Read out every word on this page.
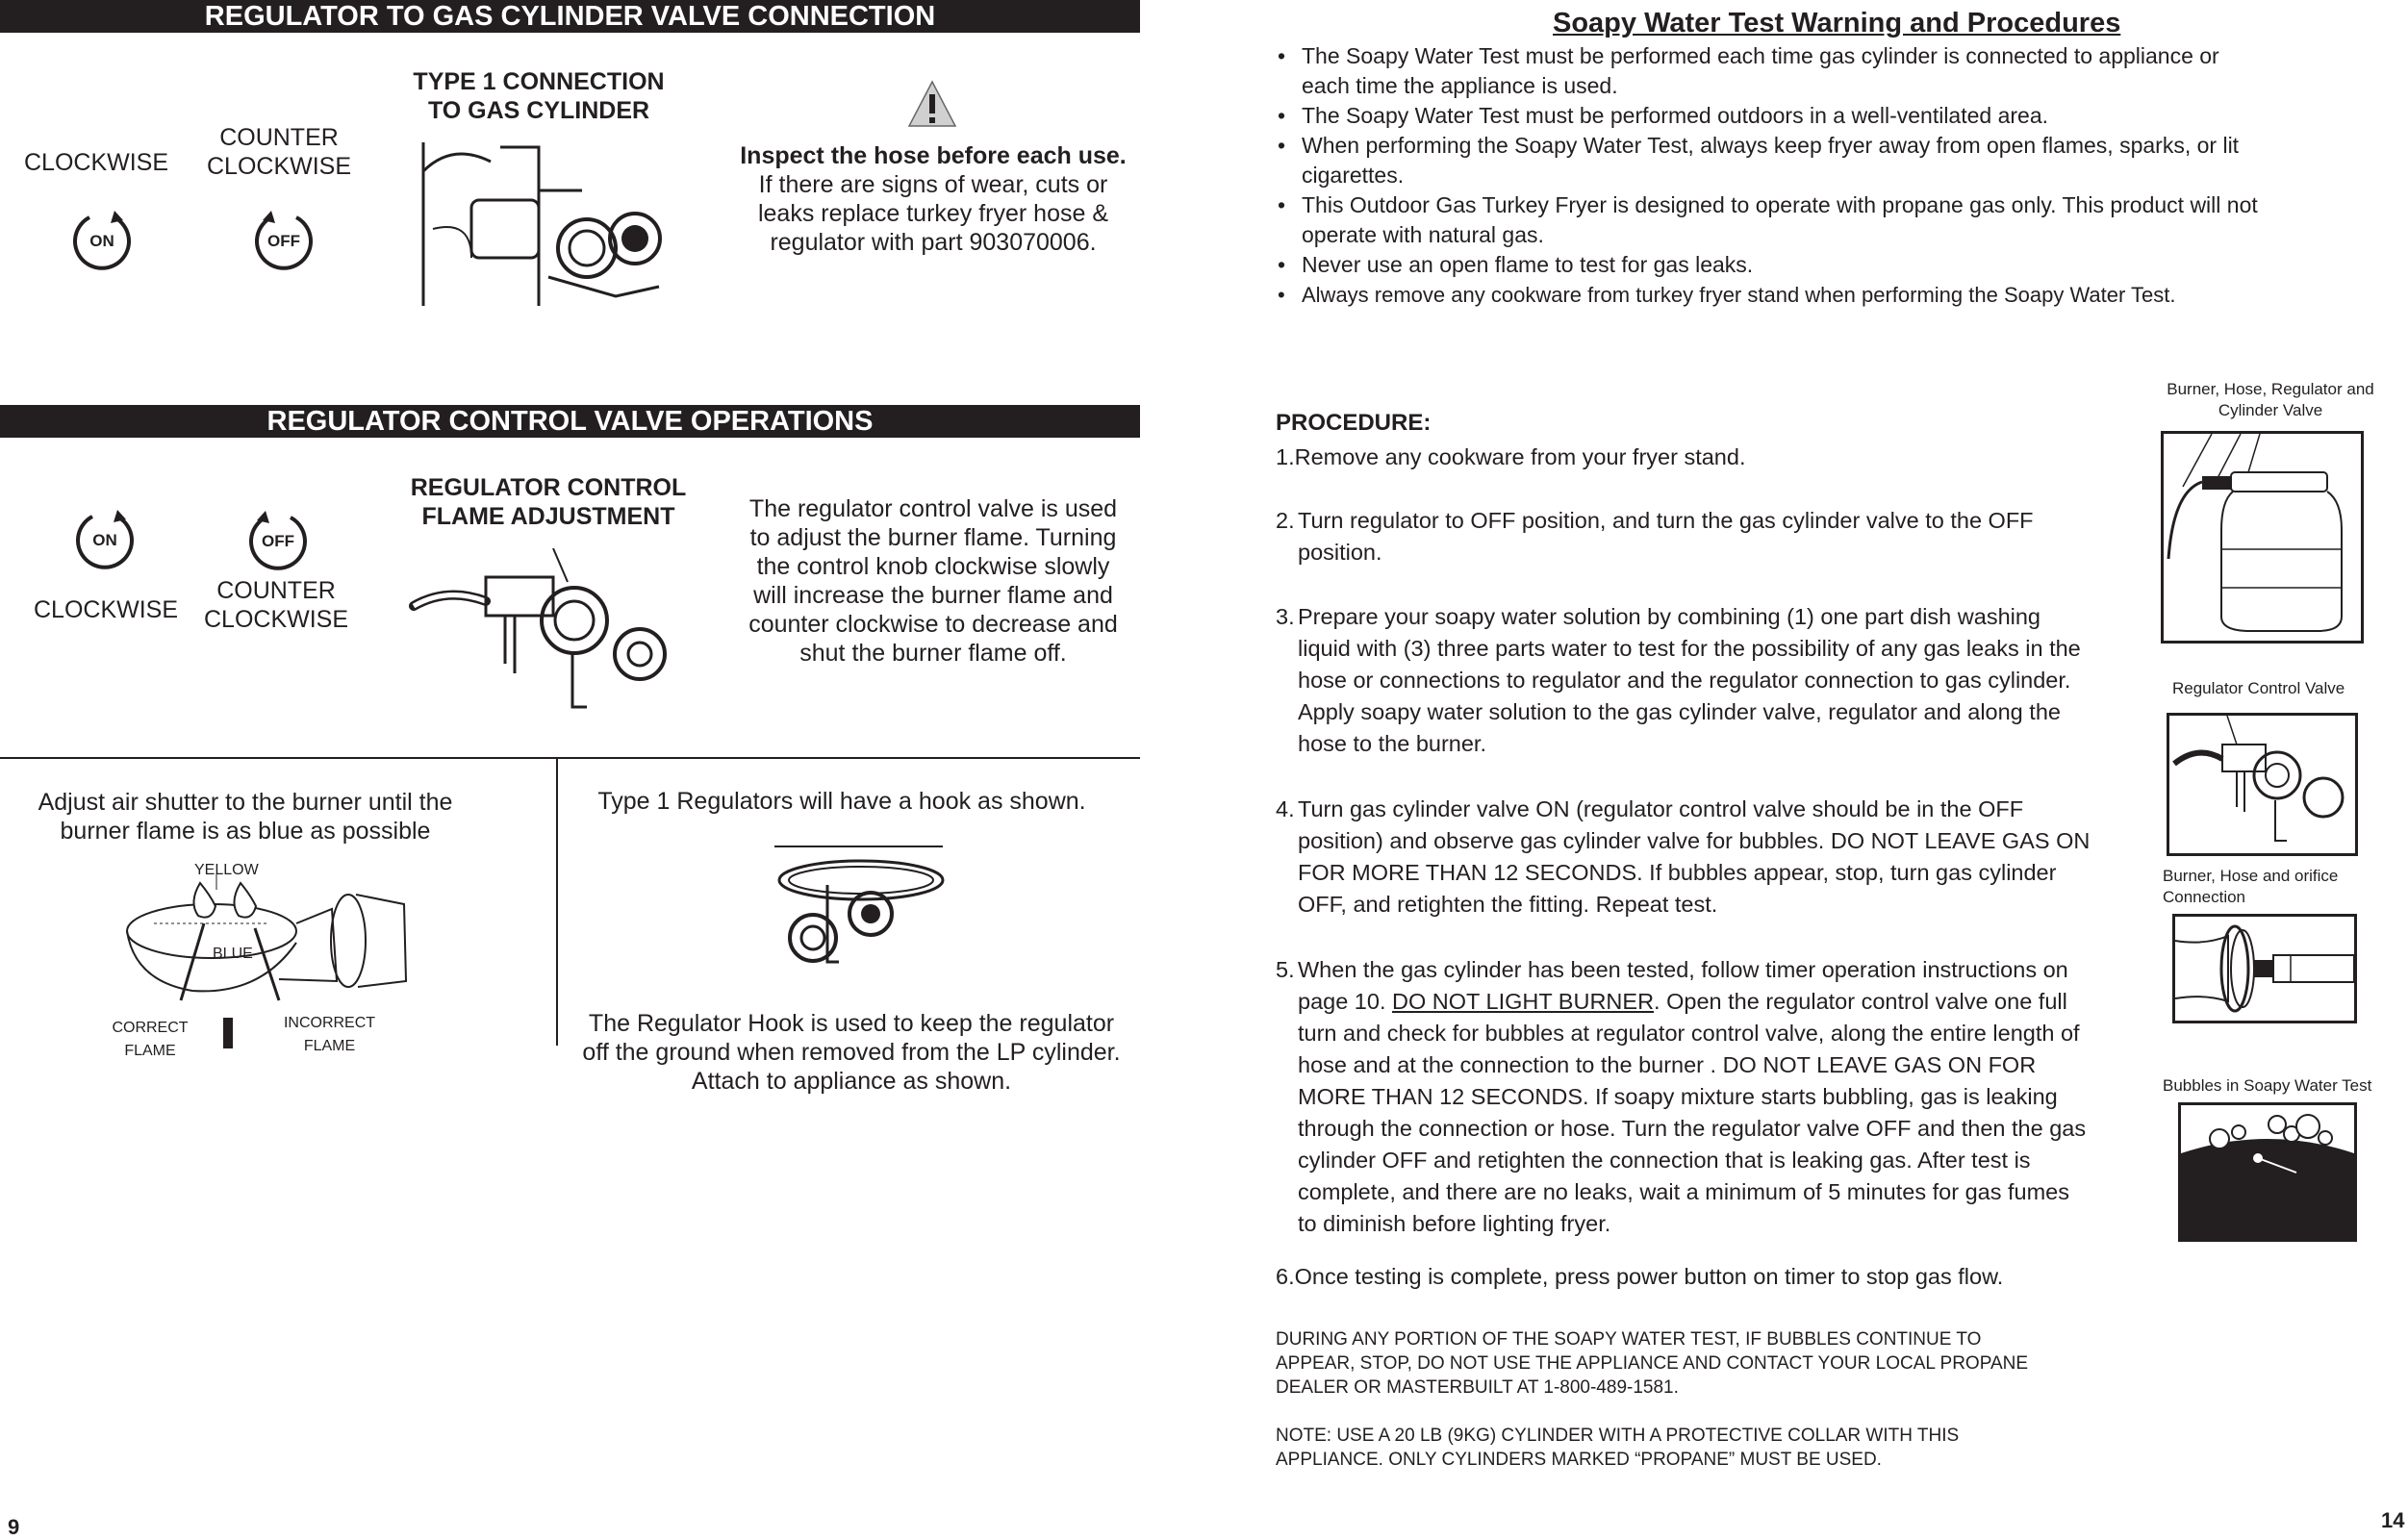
REGULATOR TO GAS CYLINDER VALVE CONNECTION
CLOCKWISE
COUNTER
CLOCKWISE
ON	OFF
TYPE 1 CONNECTION
TO GAS CYLINDER
Inspect the hose before each use.
If there are signs of wear, cuts or
leaks replace turkey fryer hose &
regulator with part 903070006.
REGULATOR CONTROL VALVE OPERATIONS
ON	OFF
CLOCKWISE
COUNTER
CLOCKWISE
REGULATOR CONTROL
FLAME ADJUSTMENT	The regulator control valve is used
to adjust the burner flame. Turning
the control knob clockwise slowly
will increase the burner flame and
counter clockwise to decrease and
shut the burner flame off.
Adjust air shutter to the burner until the
burner flame is as blue as possible
YELLOW
BLUE
CORRECT
FLAME
INCORRECT
FLAME
Type 1 Regulators will have a hook as shown.
The Regulator Hook is used to keep the regulator
off the ground when removed from the LP cylinder.
Attach to appliance as shown.
9
Soapy Water Test Warning and Procedures
• The Soapy Water Test must be performed each time gas cylinder is connected to appliance or
each time the appliance is used.
• The Soapy Water Test must be performed outdoors in a well-ventilated area.
• When performing the Soapy Water Test, always keep fryer away from open flames, sparks, or lit
cigarettes.
• This Outdoor Gas Turkey Fryer is designed to operate with propane gas only. This product will not
operate with natural gas.
• Never use an open flame to test for gas leaks.
• Always remove any cookware from turkey fryer stand when performing the Soapy Water Test.
PROCEDURE:
1.Remove any cookware from your fryer stand.
2. Turn regulator to OFF position, and turn the gas cylinder valve to the OFF
position.
3. Prepare your soapy water solution by combining (1) one part dish washing
liquid with (3) three parts water to test for the possibility of any gas leaks in the
hose or connections to regulator and the regulator connection to gas cylinder.
Apply soapy water solution to the gas cylinder valve, regulator and along the
hose to the burner.
4. Turn gas cylinder valve ON (regulator control valve should be in the OFF
position) and observe gas cylinder valve for bubbles. DO NOT LEAVE GAS ON
FOR MORE THAN 12 SECONDS. If bubbles appear, stop, turn gas cylinder
OFF, and retighten the fitting. Repeat test.
5. When the gas cylinder has been tested, follow timer operation instructions on
page 10. DO NOT LIGHT BURNER. Open the regulator control valve one full
turn and check for bubbles at regulator control valve, along the entire length of
hose and at the connection to the burner . DO NOT LEAVE GAS ON FOR
MORE THAN 12 SECONDS. If soapy mixture starts bubbling, gas is leaking
through the connection or hose. Turn the regulator valve OFF and then the gas
cylinder OFF and retighten the connection that is leaking gas. After test is
complete, and there are no leaks, wait a minimum of 5 minutes for gas fumes
to diminish before lighting fryer.
6.Once testing is complete, press power button on timer to stop gas flow.
DURING ANY PORTION OF THE SOAPY WATER TEST, IF BUBBLES CONTINUE TO
APPEAR, STOP, DO NOT USE THE APPLIANCE AND CONTACT YOUR LOCAL PROPANE
DEALER OR MASTERBUILT AT 1-800-489-1581.
NOTE: USE A 20 LB (9KG) CYLINDER WITH A PROTECTIVE COLLAR WITH THIS
APPLIANCE. ONLY CYLINDERS MARKED “PROPANE” MUST BE USED.
Burner, Hose, Regulator and
Cylinder Valve
Regulator Control Valve
Burner, Hose and orifice
Connection
Bubbles in Soapy Water Test
14
